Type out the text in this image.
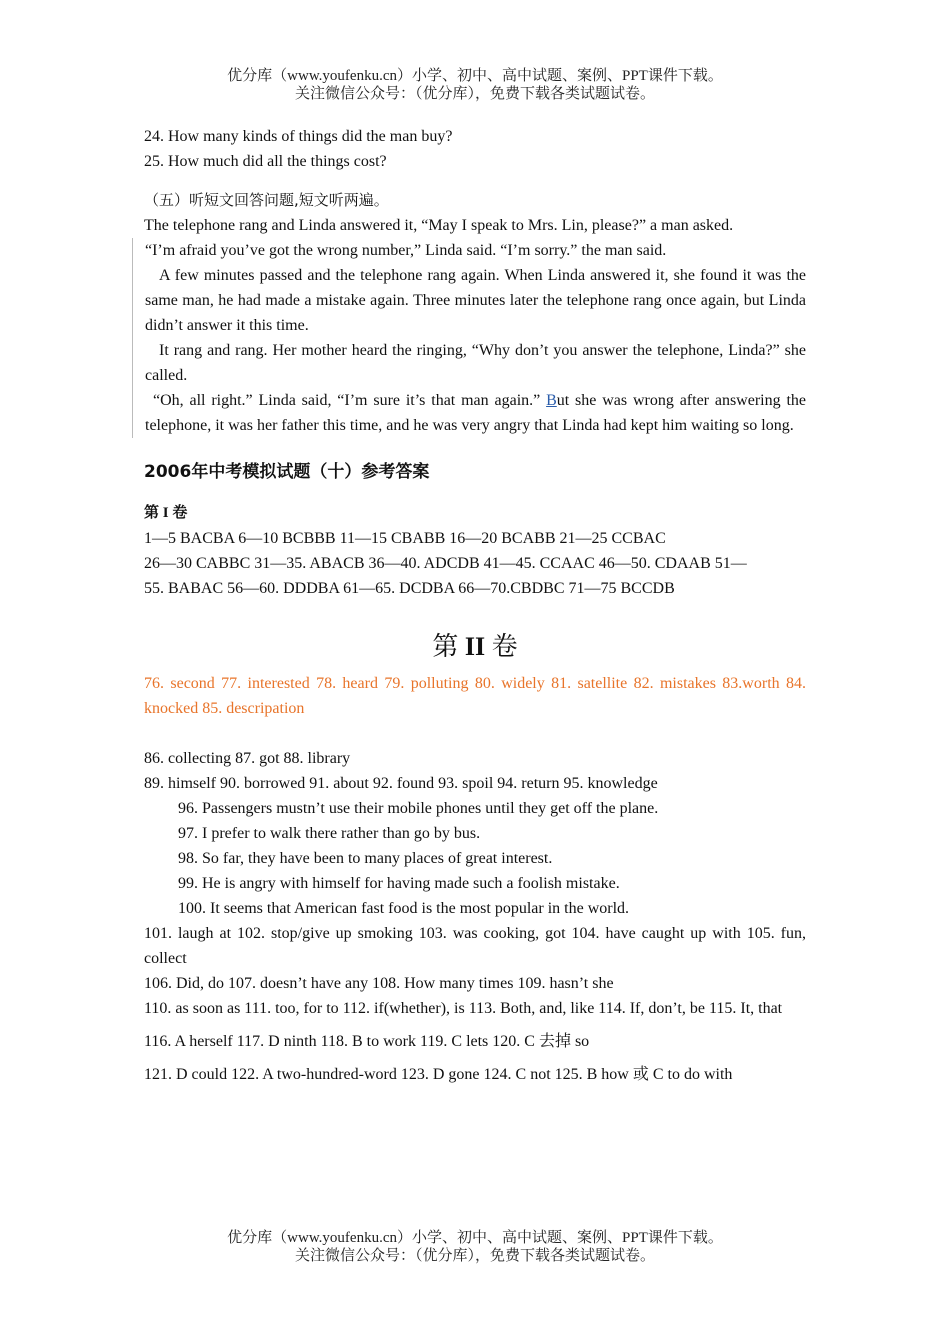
优分库（www.youfenku.cn）小学、初中、高中试题、案例、PPT课件下载。
关注微信公众号：（优分库），免费下载各类试题试卷。
24. How many kinds of things did the man buy?
25. How much did all the things cost?
（五）听短文回答问题,短文听两遍。
The telephone rang and Linda answered it, “May I speak to Mrs. Lin, please?” a man asked.
“I’m afraid you’ve got the wrong number,” Linda said. “I’m sorry.” the man said.
A few minutes passed and the telephone rang again. When Linda answered it, she found it was the same man, he had made a mistake again. Three minutes later the telephone rang once again, but Linda didn’t answer it this time.
It rang and rang. Her mother heard the ringing, “Why don’t you answer the telephone, Linda?” she called.
“Oh, all right.” Linda said, “I’m sure it’s that man again.” But she was wrong after answering the telephone, it was her father this time, and he was very angry that Linda had kept him waiting so long.
2006年中考模拟试题（十）参考答案
第 I 卷
1—5 BACBA 6—10 BCBBB 11—15 CBABB 16—20 BCABB 21—25 CCBAC
26—30 CABBC 31—35. ABACB 36—40. ADCDB 41—45. CCAAC 46—50. CDAAB 51—
55. BABAC 56—60. DDDBA 61—65. DCDBA 66—70.CBDBC 71—75 BCCDB
第 II 卷
76. second 77. interested 78. heard 79. polluting 80. widely 81. satellite 82. mistakes 83.worth 84. knocked 85. descripation
86. collecting 87. got 88. library
89. himself 90. borrowed 91. about 92. found 93. spoil 94. return 95. knowledge
96. Passengers mustn’t use their mobile phones until they get off the plane.
97. I prefer to walk there rather than go by bus.
98. So far, they have been to many places of great interest.
99. He is angry with himself for having made such a foolish mistake.
100. It seems that American fast food is the most popular in the world.
101. laugh at 102. stop/give up smoking 103. was cooking, got 104. have caught up with 105. fun, collect
106. Did, do 107. doesn’t have any 108. How many times 109. hasn’t she
110. as soon as 111. too, for to 112. if(whether), is 113. Both, and, like 114. If, don’t, be 115. It, that
116. A herself 117. D ninth 118. B to work 119. C lets 120. C 去掉 so
121. D could 122. A two-hundred-word 123. D gone 124. C not 125. B how 或 C to do with
优分库（www.youfenku.cn）小学、初中、高中试题、案例、PPT课件下载。
关注微信公众号：（优分库），免费下载各类试题试卷。
